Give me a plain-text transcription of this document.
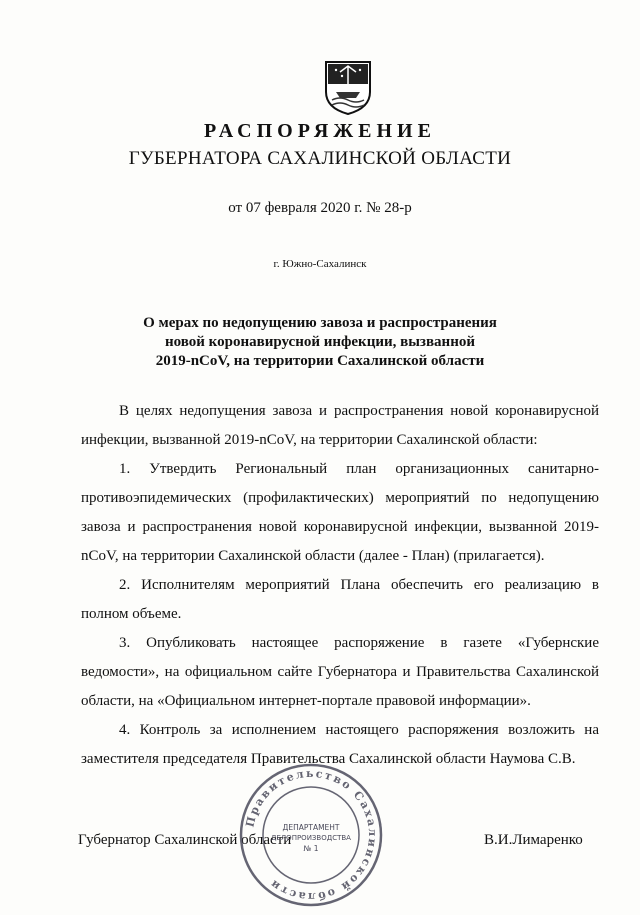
РАСПОРЯЖЕНИЕ
ГУБЕРНАТОРА САХАЛИНСКОЙ ОБЛАСТИ
от 07 февраля 2020 г. № 28-р
г. Южно-Сахалинск
О мерах по недопущению завоза и распространения
новой коронавирусной инфекции, вызванной
2019-nCoV, на территории Сахалинской области

В целях недопущения завоза и распространения новой коронавирусной инфекции, вызванной 2019-nCoV, на территории Сахалинской области:

1. Утвердить Региональный план организационных санитарно-противоэпидемических (профилактических) мероприятий по недопущению завоза и распространения новой коронавирусной инфекции, вызванной 2019-nCoV, на территории Сахалинской области (далее - План) (прилагается).

2. Исполнителям мероприятий Плана обеспечить его реализацию в полном объеме.

3. Опубликовать настоящее распоряжение в газете «Губернские ведомости», на официальном сайте Губернатора и Правительства Сахалинской области, на «Официальном интернет-портале правовой информации».

4. Контроль за исполнением настоящего распоряжения возложить на заместителя председателя Правительства Сахалинской области Наумова С.В.

Губернатор Сахалинской области	В.И.Лимаренко
Правительство Сахалинской области
ДЕПАРТАМЕНТ
ДЕЛОПРОИЗВОДСТВА
№ 1
